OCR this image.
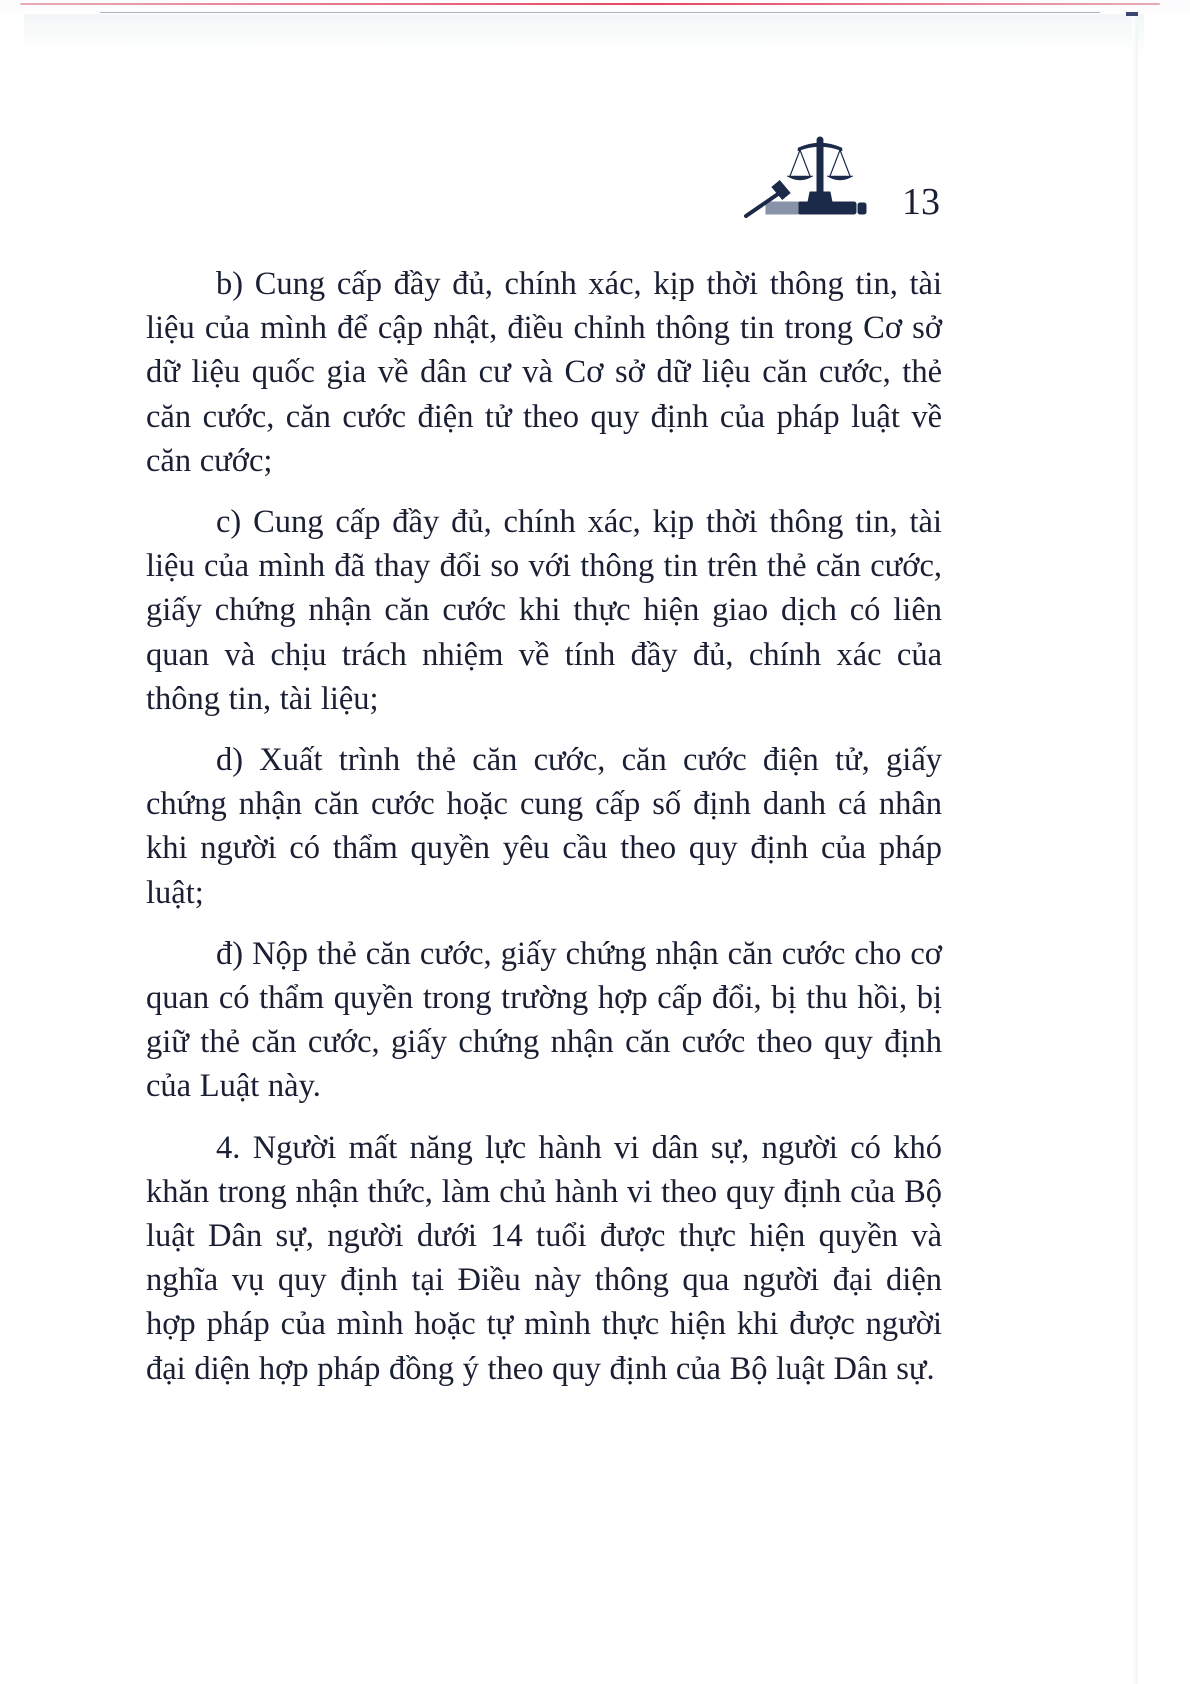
13

b) Cung cấp đầy đủ, chính xác, kịp thời thông tin, tài liệu của mình để cập nhật, điều chỉnh thông tin trong Cơ sở dữ liệu quốc gia về dân cư và Cơ sở dữ liệu căn cước, thẻ căn cước, căn cước điện tử theo quy định của pháp luật về căn cước;

c) Cung cấp đầy đủ, chính xác, kịp thời thông tin, tài liệu của mình đã thay đổi so với thông tin trên thẻ căn cước, giấy chứng nhận căn cước khi thực hiện giao dịch có liên quan và chịu trách nhiệm về tính đầy đủ, chính xác của thông tin, tài liệu;

d) Xuất trình thẻ căn cước, căn cước điện tử, giấy chứng nhận căn cước hoặc cung cấp số định danh cá nhân khi người có thẩm quyền yêu cầu theo quy định của pháp luật;

đ) Nộp thẻ căn cước, giấy chứng nhận căn cước cho cơ quan có thẩm quyền trong trường hợp cấp đổi, bị thu hồi, bị giữ thẻ căn cước, giấy chứng nhận căn cước theo quy định của Luật này.

4. Người mất năng lực hành vi dân sự, người có khó khăn trong nhận thức, làm chủ hành vi theo quy định của Bộ luật Dân sự, người dưới 14 tuổi được thực hiện quyền và nghĩa vụ quy định tại Điều này thông qua người đại diện hợp pháp của mình hoặc tự mình thực hiện khi được người đại diện hợp pháp đồng ý theo quy định của Bộ luật Dân sự.
